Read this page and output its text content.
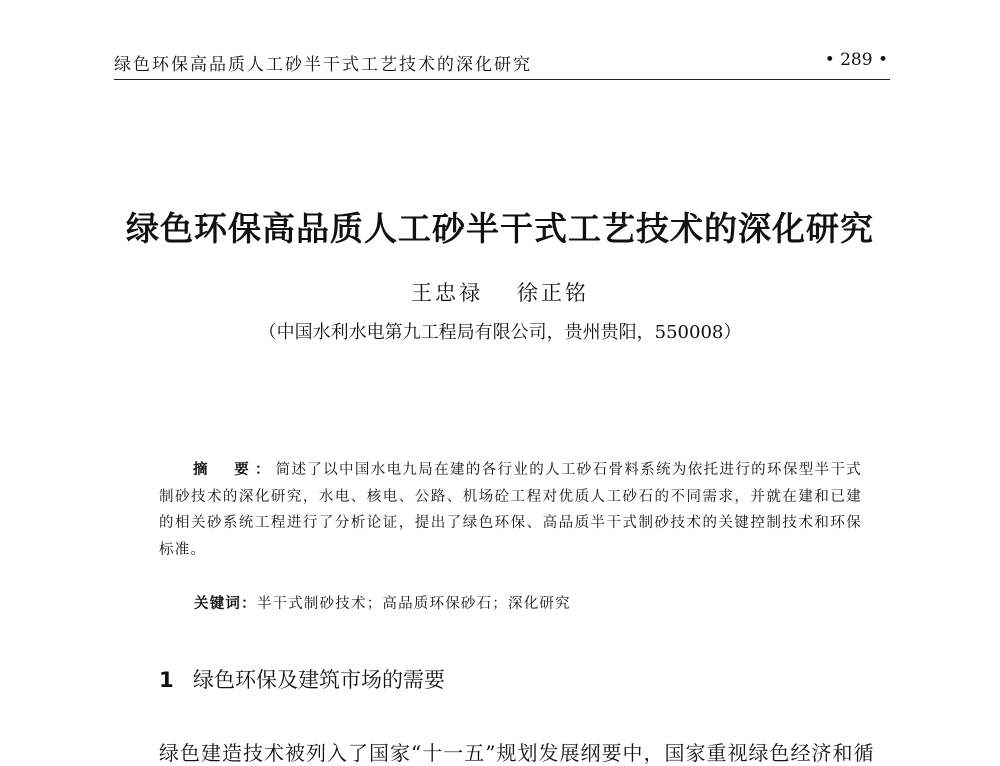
绿色环保高品质人工砂半干式工艺技术的深化研究	• 289 •
绿色环保高品质人工砂半干式工艺技术的深化研究
王忠禄 徐正铭
（中国水利水电第九工程局有限公司，贵州贵阳，550008）

摘　要：简述了以中国水电九局在建的各行业的人工砂石骨料系统为依托进行的环保型半干式制砂技术的深化研究，水电、核电、公路、机场砼工程对优质人工砂石的不同需求，并就在建和已建的相关砂系统工程进行了分析论证，提出了绿色环保、高品质半干式制砂技术的关键控制技术和环保标准。

关键词：半干式制砂技术；高品质环保砂石；深化研究
1 绿色环保及建筑市场的需要

绿色建造技术被列入了国家“十一五”规划发展纲要中，国家重视绿色经济和循
